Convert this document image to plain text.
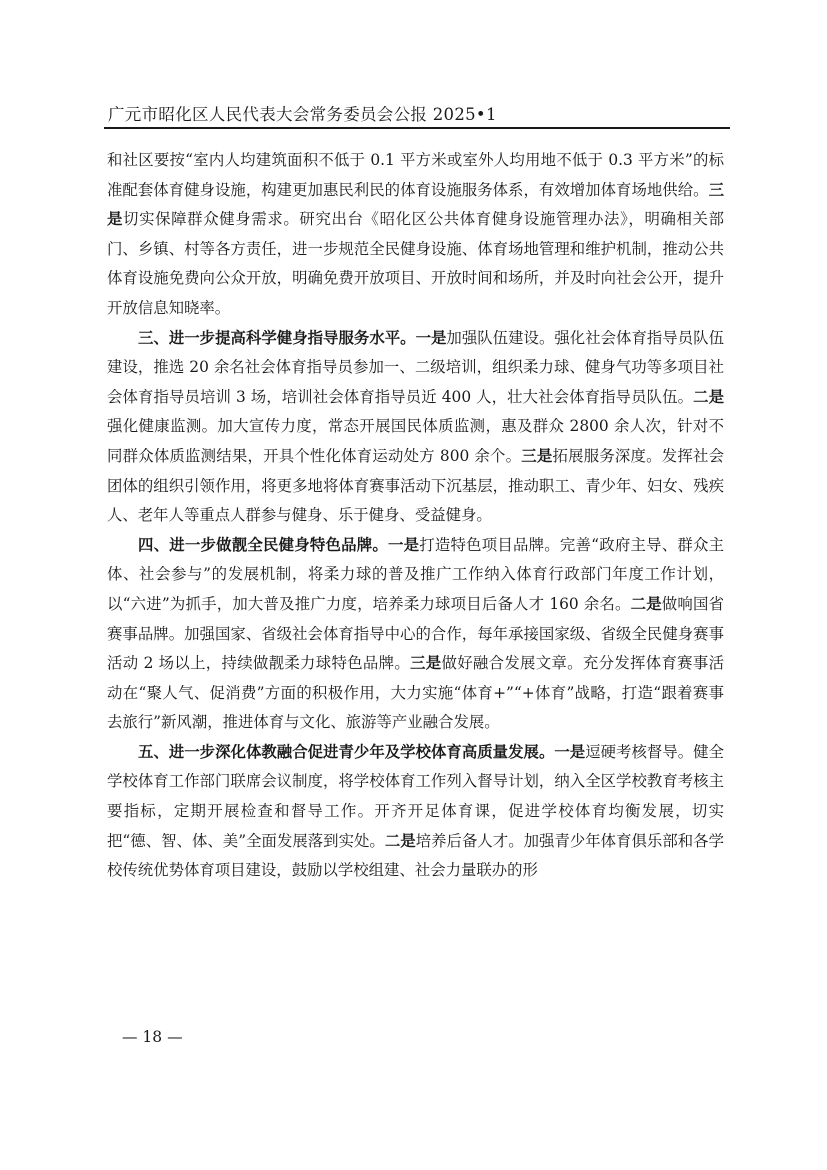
广元市昭化区人民代表大会常务委员会公报 2025•1

和社区要按“室内人均建筑面积不低于 0.1 平方米或室外人均用地不低于 0.3 平方米”的标准配套体育健身设施，构建更加惠民利民的体育设施服务体系，有效增加体育场地供给。三是切实保障群众健身需求。研究出台《昭化区公共体育健身设施管理办法》，明确相关部门、乡镇、村等各方责任，进一步规范全民健身设施、体育场地管理和维护机制，推动公共体育设施免费向公众开放，明确免费开放项目、开放时间和场所，并及时向社会公开，提升开放信息知晓率。

三、进一步提高科学健身指导服务水平。一是加强队伍建设。强化社会体育指导员队伍建设，推选 20 余名社会体育指导员参加一、二级培训，组织柔力球、健身气功等多项目社会体育指导员培训 3 场，培训社会体育指导员近 400 人，壮大社会体育指导员队伍。二是强化健康监测。加大宣传力度，常态开展国民体质监测，惠及群众 2800 余人次，针对不同群众体质监测结果，开具个性化体育运动处方 800 余个。三是拓展服务深度。发挥社会团体的组织引领作用，将更多地将体育赛事活动下沉基层，推动职工、青少年、妇女、残疾人、老年人等重点人群参与健身、乐于健身、受益健身。

四、进一步做靓全民健身特色品牌。一是打造特色项目品牌。完善“政府主导、群众主体、社会参与”的发展机制，将柔力球的普及推广工作纳入体育行政部门年度工作计划，以“六进”为抓手，加大普及推广力度，培养柔力球项目后备人才 160 余名。二是做响国省赛事品牌。加强国家、省级社会体育指导中心的合作，每年承接国家级、省级全民健身赛事活动 2 场以上，持续做靓柔力球特色品牌。三是做好融合发展文章。充分发挥体育赛事活动在“聚人气、促消费”方面的积极作用，大力实施“体育+”“+体育”战略，打造“跟着赛事去旅行”新风潮，推进体育与文化、旅游等产业融合发展。

五、进一步深化体教融合促进青少年及学校体育高质量发展。一是逗硬考核督导。健全学校体育工作部门联席会议制度，将学校体育工作列入督导计划，纳入全区学校教育考核主要指标，定期开展检查和督导工作。开齐开足体育课，促进学校体育均衡发展，切实把“德、智、体、美”全面发展落到实处。二是培养后备人才。加强青少年体育俱乐部和各学校传统优势体育项目建设，鼓励以学校组建、社会力量联办的形

— 18 —
